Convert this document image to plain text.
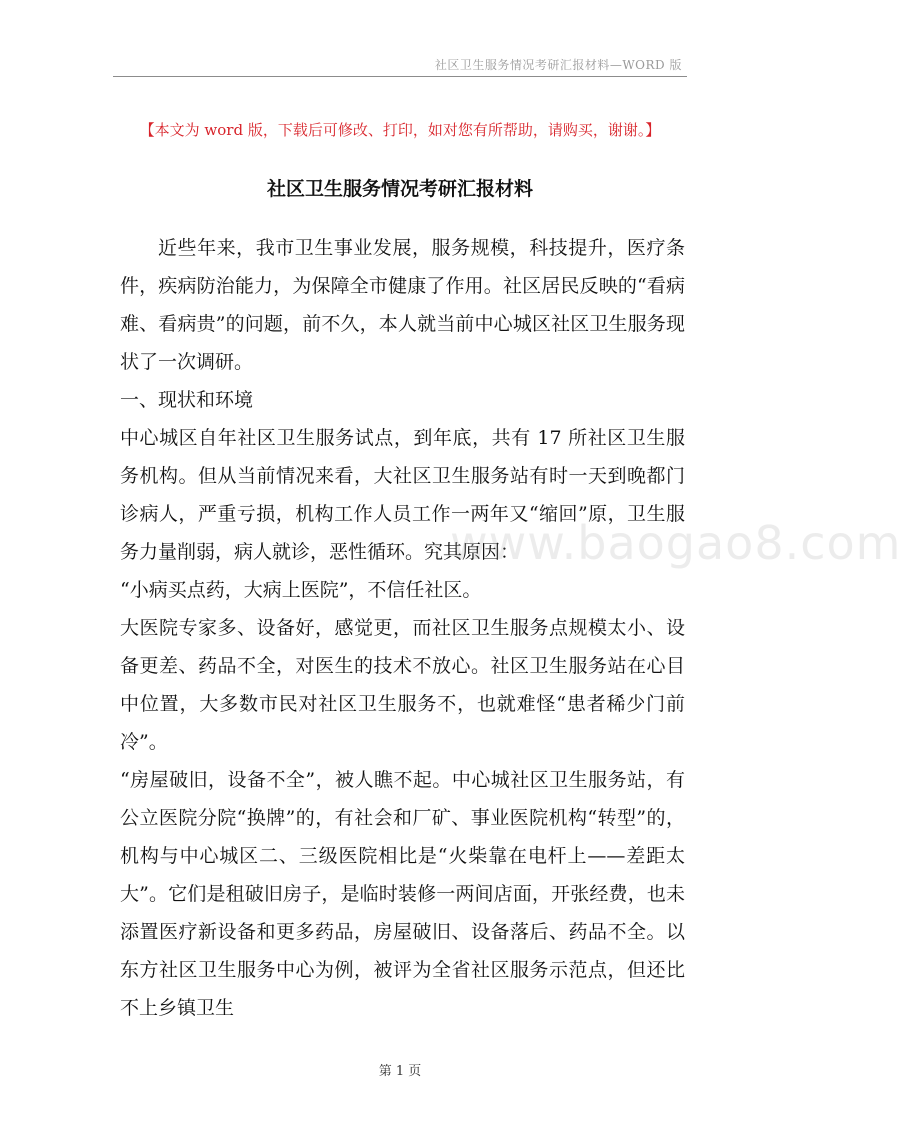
社区卫生服务情况考研汇报材料—WORD 版
【本文为 word 版，下载后可修改、打印，如对您有所帮助，请购买，谢谢。】
社区卫生服务情况考研汇报材料

近些年来，我市卫生事业发展，服务规模，科技提升，医疗条件，疾病防治能力，为保障全市健康了作用。社区居民反映的“看病难、看病贵”的问题，前不久，本人就当前中心城区社区卫生服务现状了一次调研。

一、现状和环境

中心城区自年社区卫生服务试点，到年底，共有 17 所社区卫生服务机构。但从当前情况来看，大社区卫生服务站有时一天到晚都门诊病人，严重亏损，机构工作人员工作一两年又“缩回”原，卫生服务力量削弱，病人就诊，恶性循环。究其原因：

“小病买点药，大病上医院”，不信任社区。

大医院专家多、设备好，感觉更，而社区卫生服务点规模太小、设备更差、药品不全，对医生的技术不放心。社区卫生服务站在心目中位置，大多数市民对社区卫生服务不，也就难怪“患者稀少门前冷”。

“房屋破旧，设备不全”，被人瞧不起。中心城社区卫生服务站，有公立医院分院“换牌”的，有社会和厂矿、事业医院机构“转型”的，机构与中心城区二、三级医院相比是“火柴靠在电杆上——差距太大”。它们是租破旧房子，是临时装修一两间店面，开张经费，也未添置医疗新设备和更多药品，房屋破旧、设备落后、药品不全。以东方社区卫生服务中心为例，被评为全省社区服务示范点，但还比不上乡镇卫生

www.baogao8.com
第 1 页
